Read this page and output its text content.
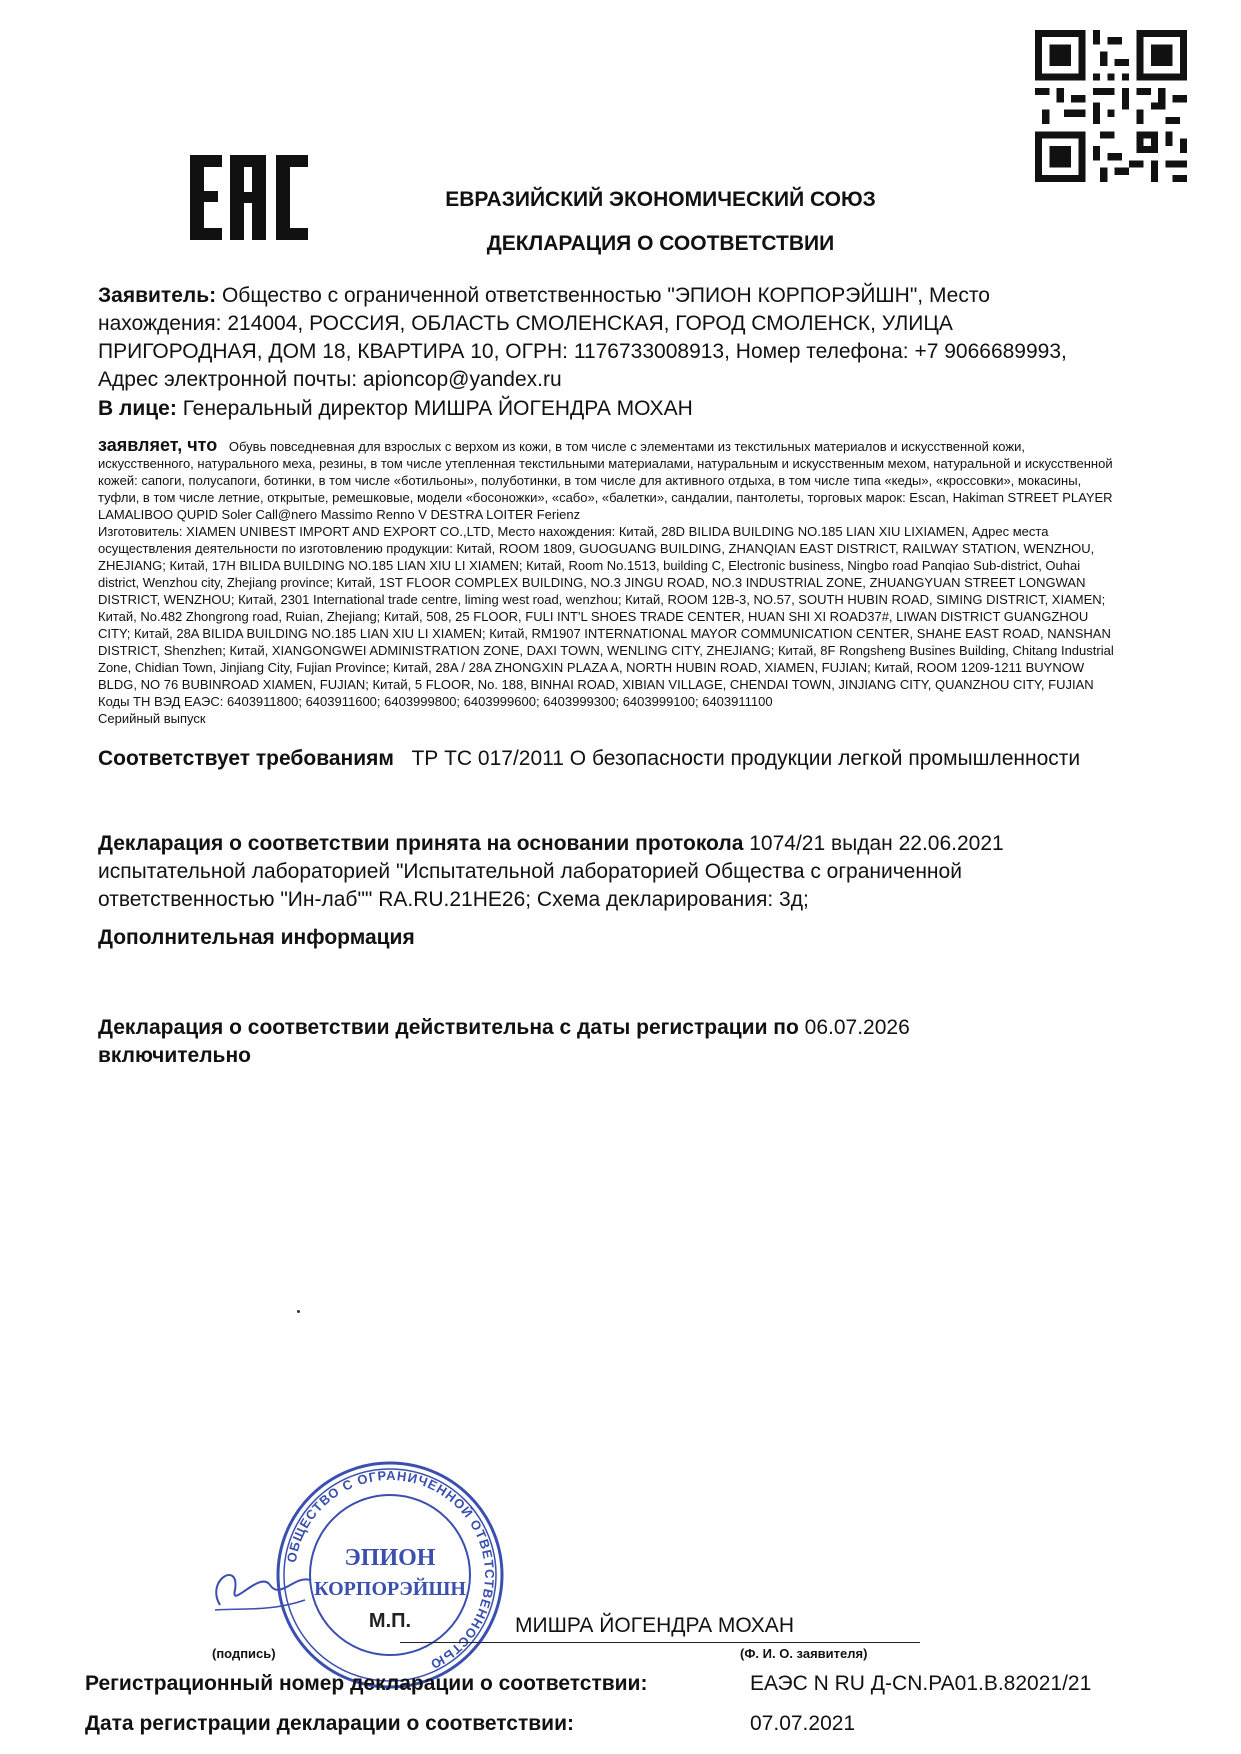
ЕВРАЗИЙСКИЙ ЭКОНОМИЧЕСКИЙ СОЮЗ
ДЕКЛАРАЦИЯ О СООТВЕТСТВИИ
Заявитель: Общество с ограниченной ответственностью "ЭПИОН КОРПОРЭЙШН", Место нахождения: 214004, РОССИЯ, ОБЛАСТЬ СМОЛЕНСКАЯ, ГОРОД СМОЛЕНСК, УЛИЦА ПРИГОРОДНАЯ, ДОМ 18, КВАРТИРА 10, ОГРН: 1176733008913, Номер телефона: +7 9066689993, Адрес электронной почты: apioncop@yandex.ru
В лице: Генеральный директор МИШРА ЙОГЕНДРА МОХАН
заявляет, что Обувь повседневная для взрослых с верхом из кожи, в том числе с элементами из текстильных материалов и искусственной кожи, искусственного, натурального меха, резины, в том числе утепленная текстильными материалами, натуральным и искусственным мехом, натуральной и искусственной кожей: сапоги, полусапоги, ботинки, в том числе «ботильоны», полуботинки, в том числе для активного отдыха, в том числе типа «кеды», «кроссовки», мокасины, туфли, в том числе летние, открытые, ремешковые, модели «босоножки», «сабо», «балетки», сандалии, пантолеты, торговых марок: Escan, Hakiman STREET PLAYER LAMALIBOO QUPID Soler Call@nero Massimo Renno V DESTRA LOITER Ferienz
Изготовитель: XIAMEN UNIBEST IMPORT AND EXPORT CO.,LTD, Место нахождения: Китай, 28D BILIDA BUILDING NO.185 LIAN XIU LIXIAMEN, Адрес места осуществления деятельности по изготовлению продукции: Китай, ROOM 1809, GUOGUANG BUILDING, ZHANQIAN EAST DISTRICT, RAILWAY STATION, WENZHOU, ZHEJIANG; Китай, 17H BILIDA BUILDING NO.185 LIAN XIU LI XIAMEN; Китай, Room No.1513, building C, Electronic business, Ningbo road Panqiao Sub-district, Ouhai district, Wenzhou city, Zhejiang province; Китай, 1ST FLOOR COMPLEX BUILDING, NO.3 JINGU ROAD, NO.3 INDUSTRIAL ZONE, ZHUANGYUAN STREET LONGWAN DISTRICT, WENZHOU; Китай, 2301 International trade centre, liming west road, wenzhou; Китай, ROOM 12B-3, NO.57, SOUTH HUBIN ROAD, SIMING DISTRICT, XIAMEN; Китай, No.482 Zhongrong road, Ruian, Zhejiang; Китай, 508, 25 FLOOR, FULI INT'L SHOES TRADE CENTER, HUAN SHI XI ROAD37#, LIWAN DISTRICT GUANGZHOU CITY; Китай, 28A BILIDA BUILDING NO.185 LIAN XIU LI XIAMEN; Китай, RM1907 INTERNATIONAL MAYOR COMMUNICATION CENTER, SHAHE EAST ROAD, NANSHAN DISTRICT, Shenzhen; Китай, XIANGONGWEI ADMINISTRATION ZONE, DAXI TOWN, WENLING CITY, ZHEJIANG; Китай, 8F Rongsheng Busines Building, Chitang Industrial Zone, Chidian Town, Jinjiang City, Fujian Province; Китай, 28A / 28A ZHONGXIN PLAZA A, NORTH HUBIN ROAD, XIAMEN, FUJIAN; Китай, ROOM 1209-1211 BUYNOW BLDG, NO 76 BUBINROAD XIAMEN, FUJIAN; Китай, 5 FLOOR, No. 188, BINHAI ROAD, XIBIAN VILLAGE, CHENDAI TOWN, JINJIANG CITY, QUANZHOU CITY, FUJIAN
Коды ТН ВЭД ЕАЭС: 6403911800; 6403911600; 6403999800; 6403999600; 6403999300; 6403999100; 6403911100
Серийный выпуск
Соответствует требованиям ТР ТС 017/2011 О безопасности продукции легкой промышленности
Декларация о соответствии принята на основании протокола 1074/21 выдан 22.06.2021 испытательной лабораторией "Испытательной лабораторией Общества с ограниченной ответственностью "Ин-лаб"" RA.RU.21HE26; Схема декларирования: 3д;
Дополнительная информация
Декларация о соответствии действительна с даты регистрации по 06.07.2026
включительно
ОБЩЕСТВО С ОГРАНИЧЕННОЙ ОТВЕТСТВЕННОСТЬЮ
ЭПИОН
КОРПОРЭЙШН
М.П.	МИШРА ЙОГЕНДРА МОХАН
(подпись)	(Ф. И. О. заявителя)
Регистрационный номер декларации о соответствии:	ЕАЭС N RU Д-CN.PA01.B.82021/21
Дата регистрации декларации о соответствии:	07.07.2021
